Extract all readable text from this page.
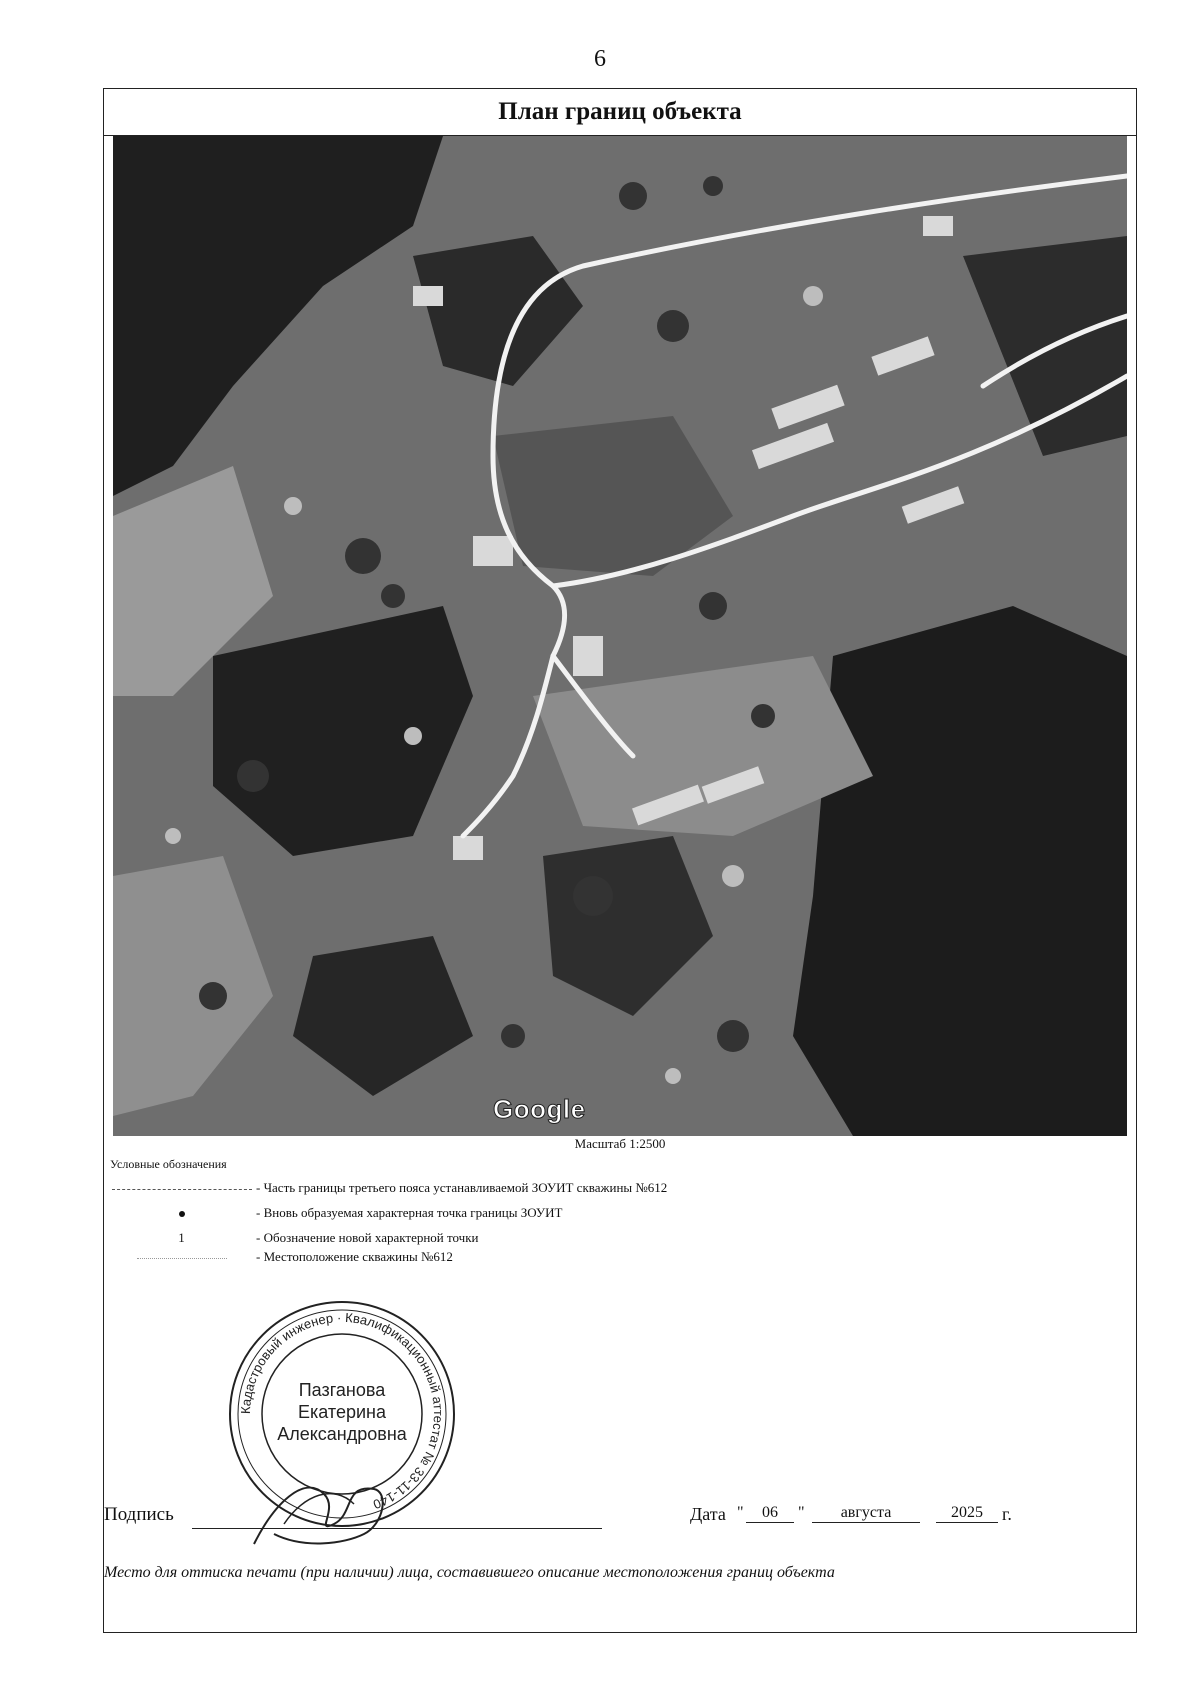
6
План границ объекта
Google
Масштаб 1:2500
Условные обозначения
- Часть границы третьего пояса устанавливаемой ЗОУИТ скважины №612
- Вновь образуемая характерная точка границы ЗОУИТ
1	- Обозначение новой характерной точки
- Местоположение скважины №612
Кадастровый инженер · Квалификационный аттестат № 33-11-140
Пазганова
Екатерина
Александровна
Подпись	Дата "	06	"	августа	2025	г.
Место для оттиска печати (при наличии) лица, составившего описание местоположения границ объекта
